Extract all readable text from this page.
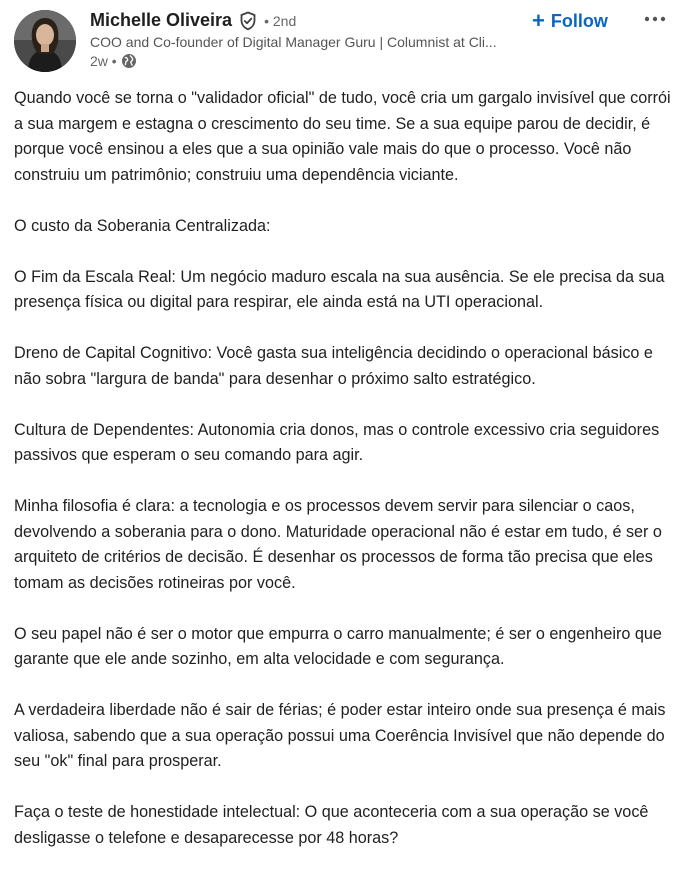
Michelle Oliveira • 2nd
COO and Co-founder of Digital Manager Guru | Columnist at Cli...
2w •
+ Follow

Quando você se torna o "validador oficial" de tudo, você cria um gargalo invisível que corrói a sua margem e estagna o crescimento do seu time. Se a sua equipe parou de decidir, é porque você ensinou a eles que a sua opinião vale mais do que o processo. Você não construiu um patrimônio; construiu uma dependência viciante.

O custo da Soberania Centralizada:

O Fim da Escala Real: Um negócio maduro escala na sua ausência. Se ele precisa da sua presença física ou digital para respirar, ele ainda está na UTI operacional.

Dreno de Capital Cognitivo: Você gasta sua inteligência decidindo o operacional básico e não sobra "largura de banda" para desenhar o próximo salto estratégico.

Cultura de Dependentes: Autonomia cria donos, mas o controle excessivo cria seguidores passivos que esperam o seu comando para agir.

Minha filosofia é clara: a tecnologia e os processos devem servir para silenciar o caos, devolvendo a soberania para o dono. Maturidade operacional não é estar em tudo, é ser o arquiteto de critérios de decisão. É desenhar os processos de forma tão precisa que eles tomam as decisões rotineiras por você.

O seu papel não é ser o motor que empurra o carro manualmente; é ser o engenheiro que garante que ele ande sozinho, em alta velocidade e com segurança.

A verdadeira liberdade não é sair de férias; é poder estar inteiro onde sua presença é mais valiosa, sabendo que a sua operação possui uma Coerência Invisível que não depende do seu "ok" final para prosperar.

Faça o teste de honestidade intelectual: O que aconteceria com a sua operação se você desligasse o telefone e desaparecesse por 48 horas?
